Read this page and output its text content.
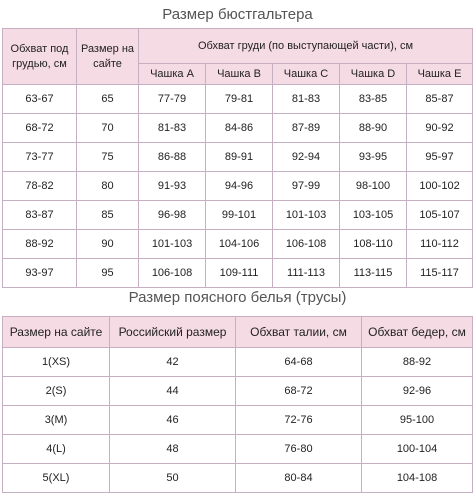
Размер бюстгальтера
Обхват под грудью, см	Размер на сайте	Обхват груди (по выступающей части), см				
		Чашка A	Чашка B	Чашка C	Чашка D	Чашка E
63-67	65	77-79	79-81	81-83	83-85	85-87
68-72	70	81-83	84-86	87-89	88-90	90-92
73-77	75	86-88	89-91	92-94	93-95	95-97
78-82	80	91-93	94-96	97-99	98-100	100-102
83-87	85	96-98	99-101	101-103	103-105	105-107
88-92	90	101-103	104-106	106-108	108-110	110-112
93-97	95	106-108	109-111	111-113	113-115	115-117
Размер поясного белья (трусы)
Размер на сайте	Российский размер	Обхват талии, см	Обхват бедер, см
1(XS)	42	64-68	88-92
2(S)	44	68-72	92-96
3(M)	46	72-76	95-100
4(L)	48	76-80	100-104
5(XL)	50	80-84	104-108
